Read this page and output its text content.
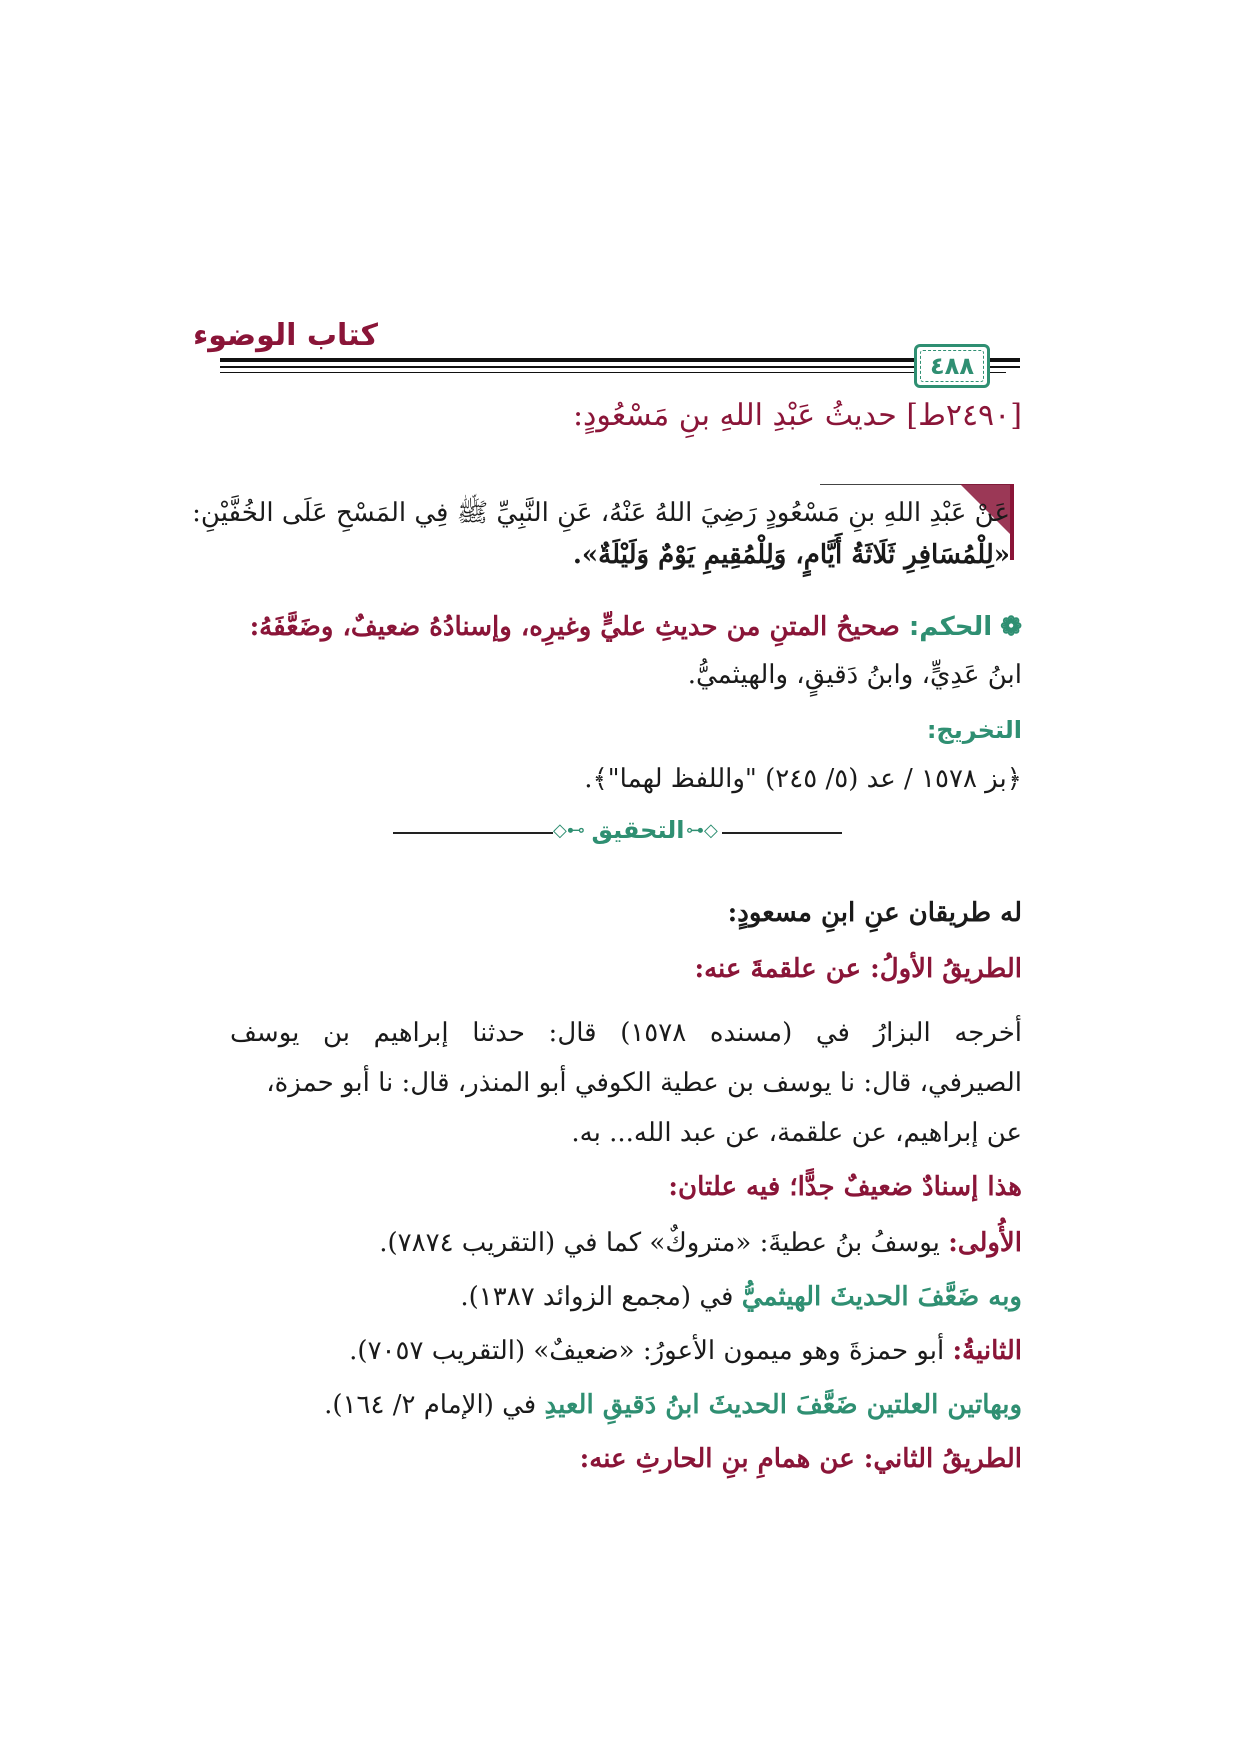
كتاب الوضوء
٤٨٨
[٢٤٩٠ط] حديثُ عَبْدِ اللهِ بنِ مَسْعُودٍ:
عَنْ عَبْدِ اللهِ بنِ مَسْعُودٍ رَضِيَ اللهُ عَنْهُ، عَنِ النَّبِيِّ ﷺ فِي المَسْحِ عَلَى الخُفَّيْنِ:
«لِلْمُسَافِرِ ثَلَاثَةُ أَيَّامٍ، وَلِلْمُقِيمِ يَوْمٌ وَلَيْلَةٌ».
❁الحكم: صحيحُ المتنِ من حديثِ عليٍّ وغيرِه، وإسنادُهُ ضعيفٌ، وضَعَّفَهُ:
ابنُ عَدِيٍّ، وابنُ دَقيقٍ، والهيثميُّ.
التخريج:
﴿بز ١٥٧٨ / عد (٥/ ٢٤٥) "واللفظ لهما"﴾.
◇⊷ التحقيق ⊶◇
له طريقان عنِ ابنِ مسعودٍ:
الطريقُ الأولُ: عن علقمةَ عنه:
أخرجه البزارُ في (مسنده ١٥٧٨) قال: حدثنا إبراهيم بن يوسف
الصيرفي، قال: نا يوسف بن عطية الكوفي أبو المنذر، قال: نا أبو حمزة،
عن إبراهيم، عن علقمة، عن عبد الله... به.
هذا إسنادٌ ضعيفٌ جدًّا؛ فيه علتان:
الأُولى: يوسفُ بنُ عطيةَ: «متروكٌ» كما في (التقريب ٧٨٧٤).
وبه ضَعَّفَ الحديثَ الهيثميُّ في (مجمع الزوائد ١٣٨٧).
الثانيةُ: أبو حمزةَ وهو ميمون الأعورُ: «ضعيفٌ» (التقريب ٧٠٥٧).
وبهاتين العلتين ضَعَّفَ الحديثَ ابنُ دَقيقِ العيدِ في (الإمام ٢/ ١٦٤).
الطريقُ الثاني: عن همامِ بنِ الحارثِ عنه:
